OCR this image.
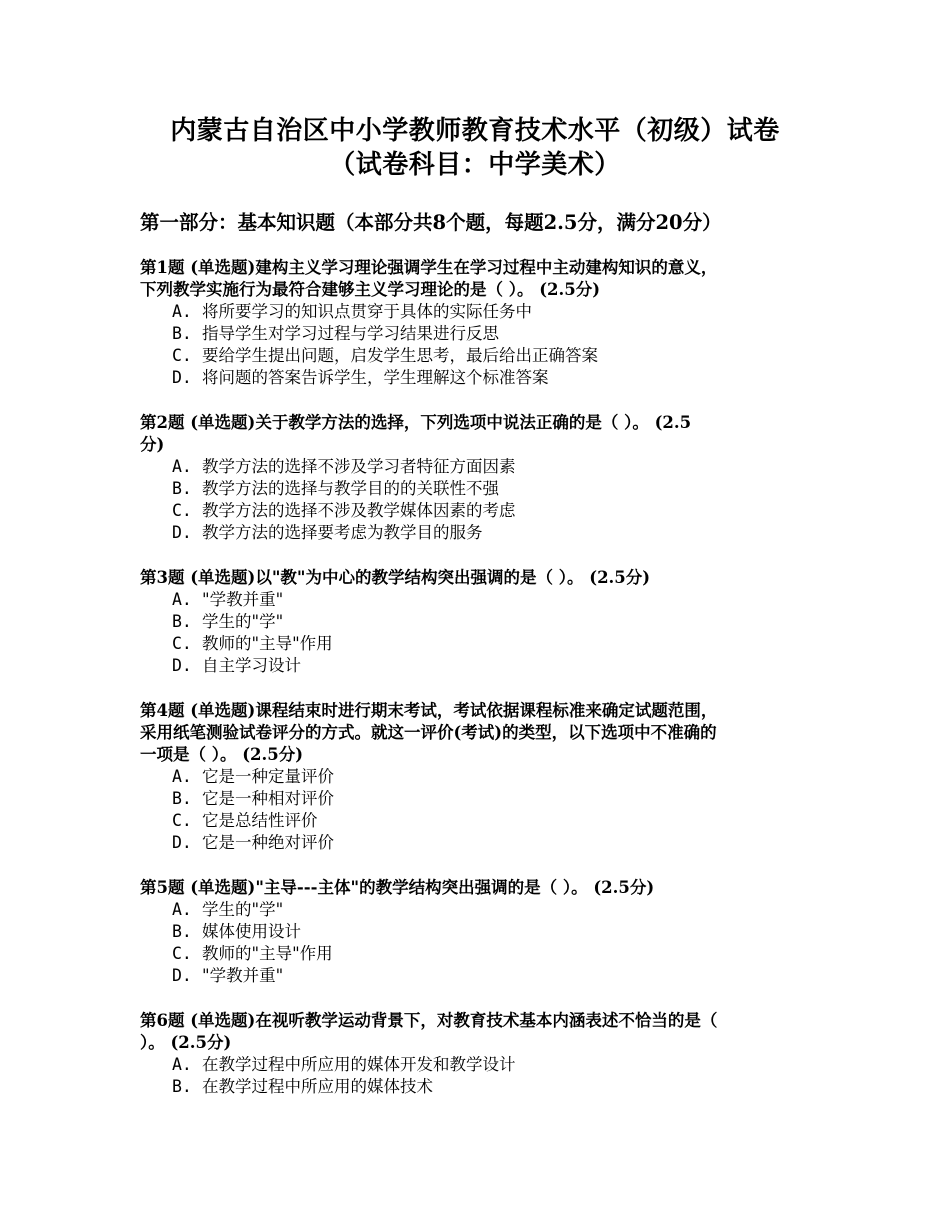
内蒙古自治区中小学教师教育技术水平（初级）试卷
（试卷科目：中学美术）
第一部分：基本知识题（本部分共8个题，每题2.5分，满分20分）
第1题 (单选题)建构主义学习理论强调学生在学习过程中主动建构知识的意义，
下列教学实施行为最符合建够主义学习理论的是（ ）。 (2.5分)
A. 将所要学习的知识点贯穿于具体的实际任务中
B. 指导学生对学习过程与学习结果进行反思
C. 要给学生提出问题，启发学生思考，最后给出正确答案
D. 将问题的答案告诉学生，学生理解这个标准答案
第2题 (单选题)关于教学方法的选择，下列选项中说法正确的是（ ）。 (2.5
分)
A. 教学方法的选择不涉及学习者特征方面因素
B. 教学方法的选择与教学目的的关联性不强
C. 教学方法的选择不涉及教学媒体因素的考虑
D. 教学方法的选择要考虑为教学目的服务
第3题 (单选题)以"教"为中心的教学结构突出强调的是（ ）。 (2.5分)
A. "学教并重"
B. 学生的"学"
C. 教师的"主导"作用
D. 自主学习设计
第4题 (单选题)课程结束时进行期末考试，考试依据课程标准来确定试题范围，
采用纸笔测验试卷评分的方式。就这一评价(考试)的类型，以下选项中不准确的
一项是（ ）。 (2.5分)
A. 它是一种定量评价
B. 它是一种相对评价
C. 它是总结性评价
D. 它是一种绝对评价
第5题 (单选题)"主导---主体"的教学结构突出强调的是（ ）。 (2.5分)
A. 学生的"学"
B. 媒体使用设计
C. 教师的"主导"作用
D. "学教并重"
第6题 (单选题)在视听教学运动背景下，对教育技术基本内涵表述不恰当的是（
）。 (2.5分)
A. 在教学过程中所应用的媒体开发和教学设计
B. 在教学过程中所应用的媒体技术
